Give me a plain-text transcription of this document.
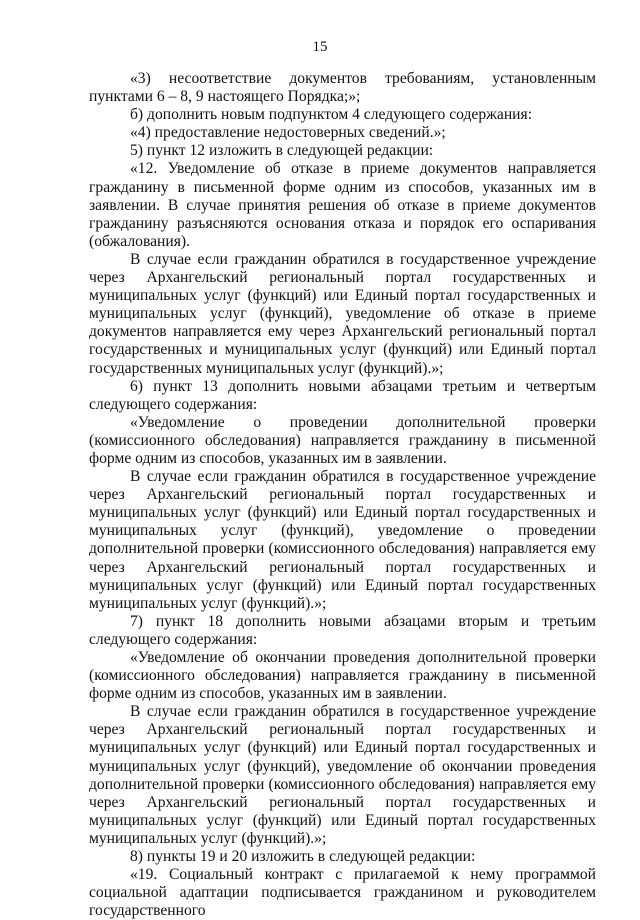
15

«3) несоответствие документов требованиям, установленным пунктами 6 – 8, 9 настоящего Порядка;»;

б) дополнить новым подпунктом 4 следующего содержания:

«4) предоставление недостоверных сведений.»;

5) пункт 12 изложить в следующей редакции:

«12. Уведомление об отказе в приеме документов направляется гражданину в письменной форме одним из способов, указанных им в заявлении. В случае принятия решения об отказе в приеме документов гражданину разъясняются основания отказа и порядок его оспаривания (обжалования).

В случае если гражданин обратился в государственное учреждение через Архангельский региональный портал государственных и муниципальных услуг (функций) или Единый портал государственных и муниципальных услуг (функций), уведомление об отказе в приеме документов направляется ему через Архангельский региональный портал государственных и муниципальных услуг (функций) или Единый портал государственных муниципальных услуг (функций).»;

6) пункт 13 дополнить новыми абзацами третьим и четвертым следующего содержания:

«Уведомление о проведении дополнительной проверки (комиссионного обследования) направляется гражданину в письменной форме одним из способов, указанных им в заявлении.

В случае если гражданин обратился в государственное учреждение через Архангельский региональный портал государственных и муниципальных услуг (функций) или Единый портал государственных и муниципальных услуг (функций), уведомление о проведении дополнительной проверки (комиссионного обследования) направляется ему через Архангельский региональный портал государственных и муниципальных услуг (функций) или Единый портал государственных муниципальных услуг (функций).»;

7) пункт 18 дополнить новыми абзацами вторым и третьим следующего содержания:

«Уведомление об окончании проведения дополнительной проверки (комиссионного обследования) направляется гражданину в письменной форме одним из способов, указанных им в заявлении.

В случае если гражданин обратился в государственное учреждение через Архангельский региональный портал государственных и муниципальных услуг (функций) или Единый портал государственных и муниципальных услуг (функций), уведомление об окончании проведения дополнительной проверки (комиссионного обследования) направляется ему через Архангельский региональный портал государственных и муниципальных услуг (функций) или Единый портал государственных муниципальных услуг (функций).»;

8) пункты 19 и 20 изложить в следующей редакции:

«19. Социальный контракт с прилагаемой к нему программой социальной адаптации подписывается гражданином и руководителем государственного
